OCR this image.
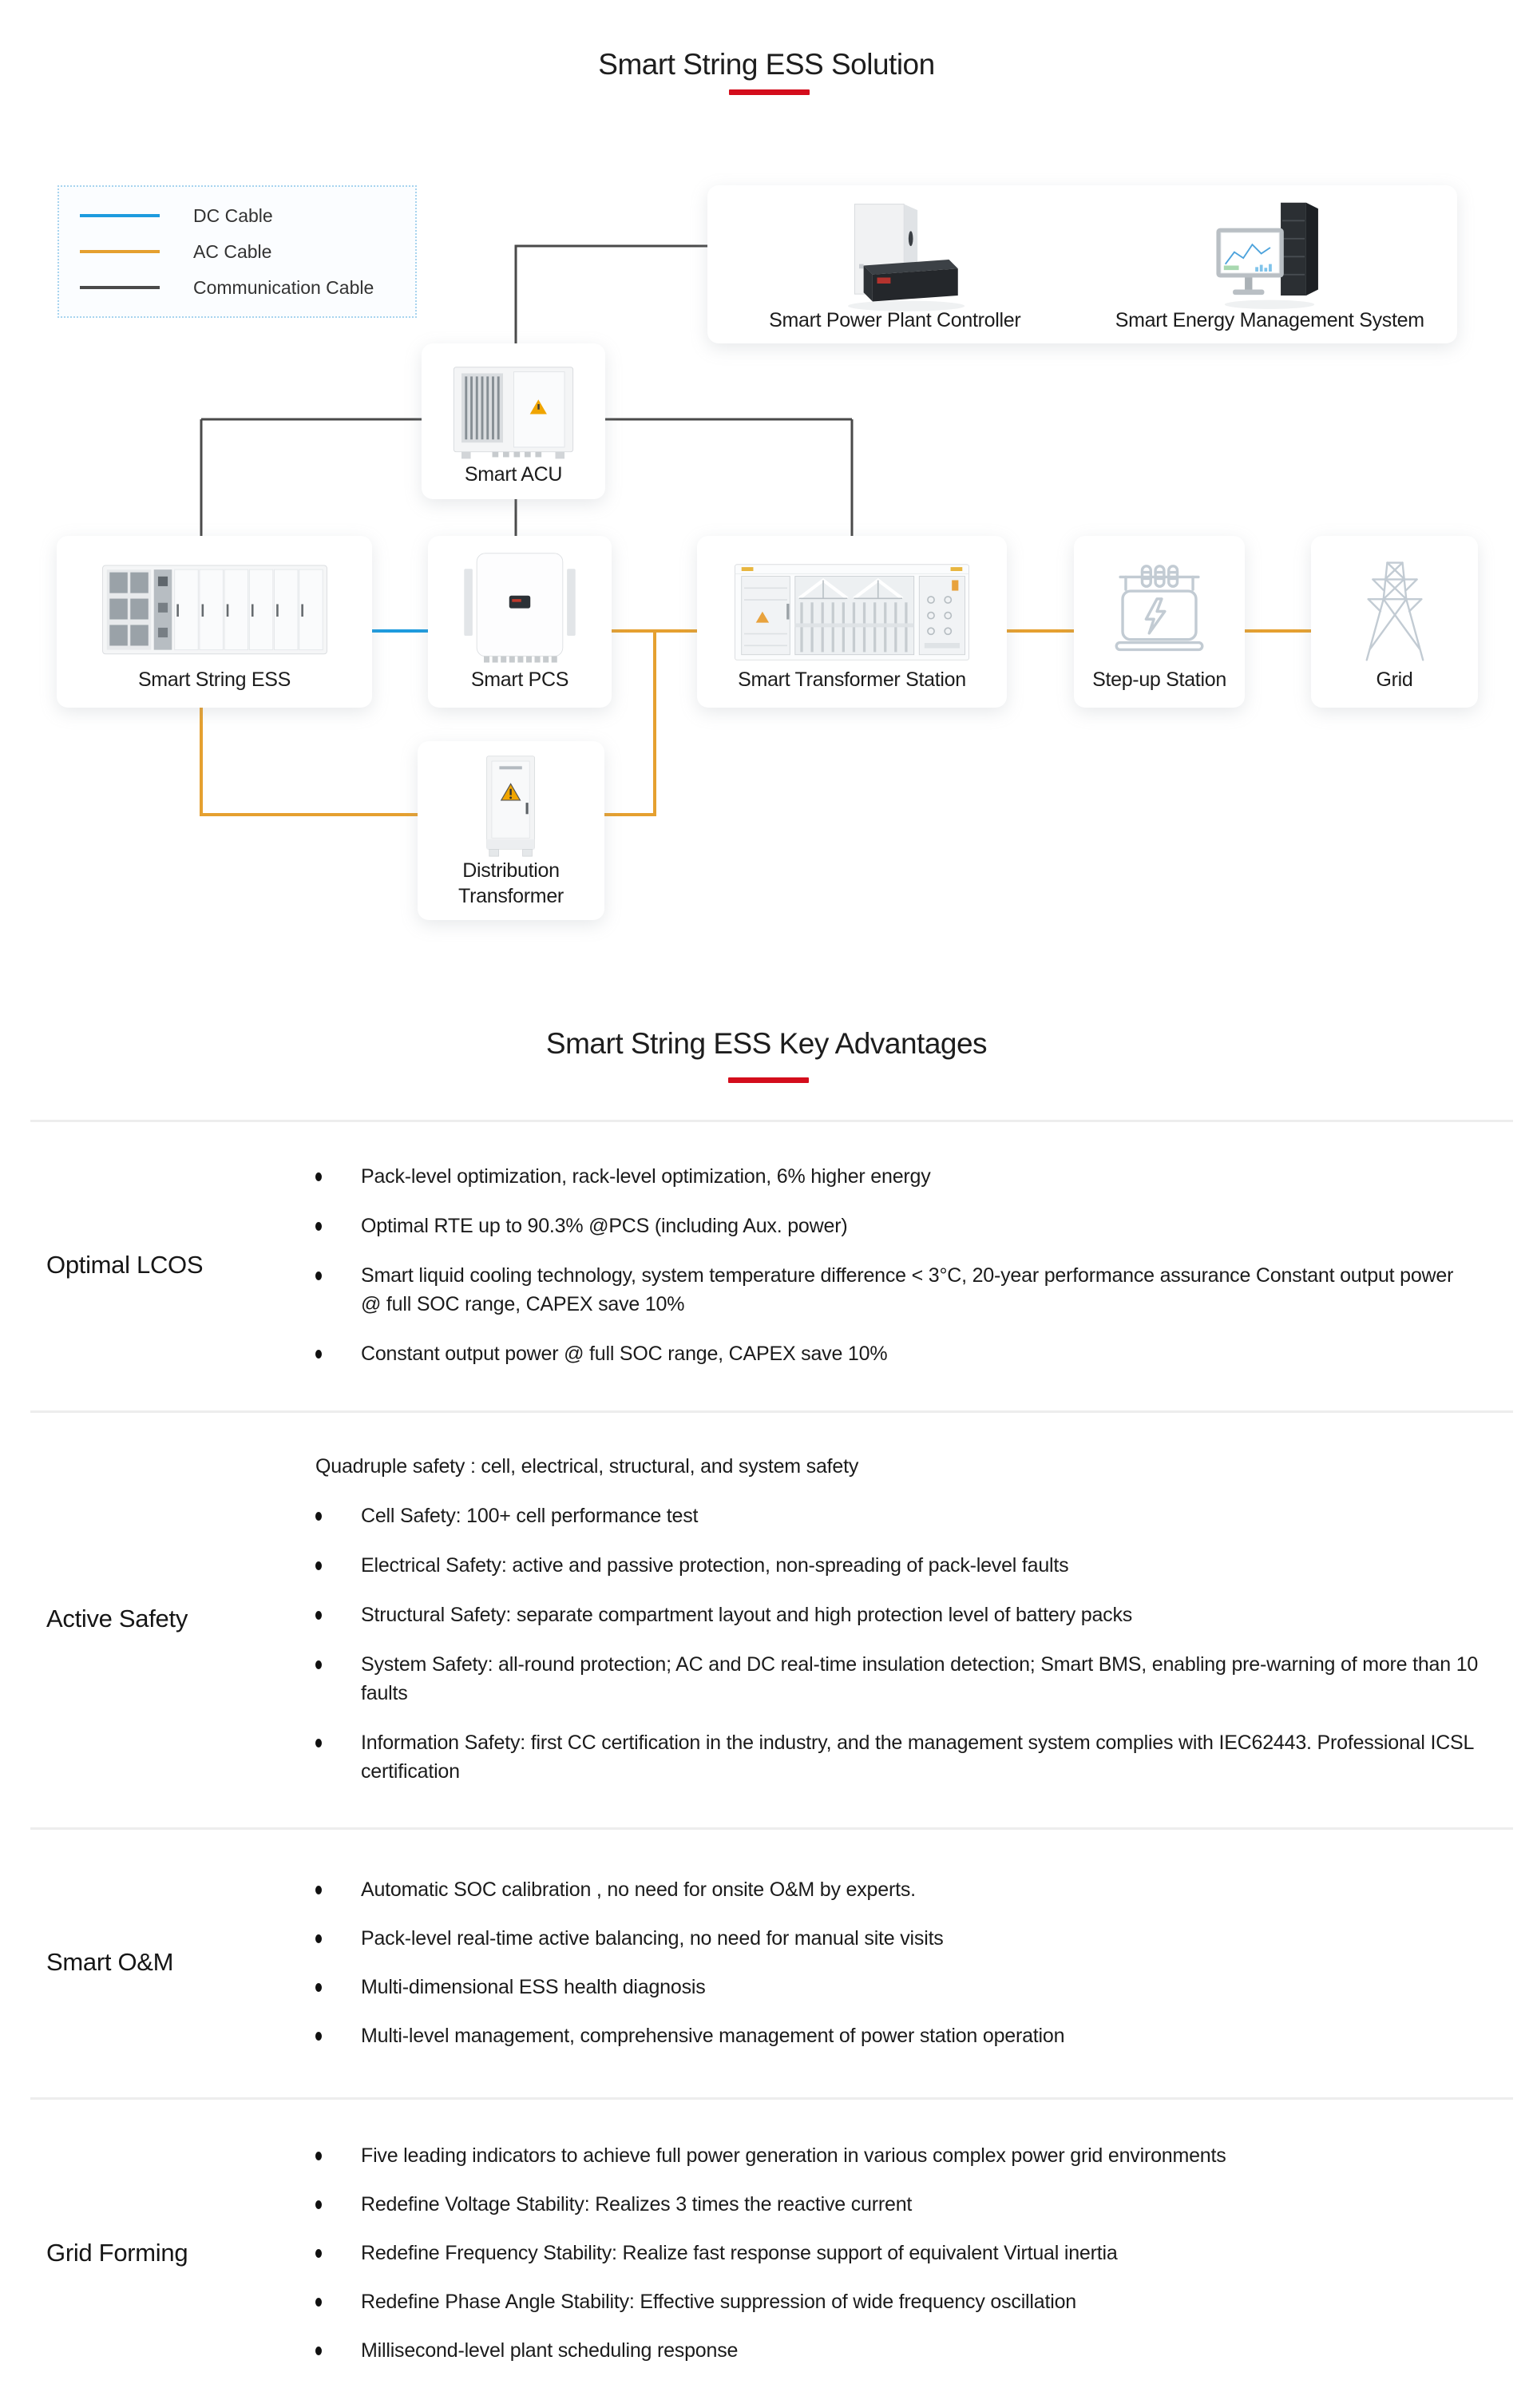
Smart String ESS Solution
DC Cable
AC Cable
Communication Cable
Smart Power Plant Controller	Smart Energy Management System
Smart ACU
Smart String ESS	Smart PCS	Smart Transformer Station	Step-up Station	Grid
Distribution
Transformer
Smart String ESS Key Advantages
Optimal LCOS
Pack-level optimization, rack-level optimization, 6% higher energy
Optimal RTE up to 90.3% @PCS (including Aux. power)
Smart liquid cooling technology, system temperature difference < 3°C, 20-year performance assurance Constant output power @ full SOC range, CAPEX save 10%
Constant output power @ full SOC range, CAPEX save 10%
Active Safety
Quadruple safety : cell, electrical, structural, and system safety
Cell Safety: 100+ cell performance test
Electrical Safety: active and passive protection, non-spreading of pack-level faults
Structural Safety: separate compartment layout and high protection level of battery packs
System Safety: all-round protection; AC and DC real-time insulation detection; Smart BMS, enabling pre-warning of more than 10 faults
Information Safety: first CC certification in the industry, and the management system complies with IEC62443. Professional ICSL certification
Smart O&M
Automatic SOC calibration , no need for onsite O&M by experts.
Pack-level real-time active balancing, no need for manual site visits
Multi-dimensional ESS health diagnosis
Multi-level management, comprehensive management of power station operation
Grid Forming
Five leading indicators to achieve full power generation in various complex power grid environments
Redefine Voltage Stability: Realizes 3 times the reactive current
Redefine Frequency Stability: Realize fast response support of equivalent Virtual inertia
Redefine Phase Angle Stability: Effective suppression of wide frequency oscillation
Millisecond-level plant scheduling response
